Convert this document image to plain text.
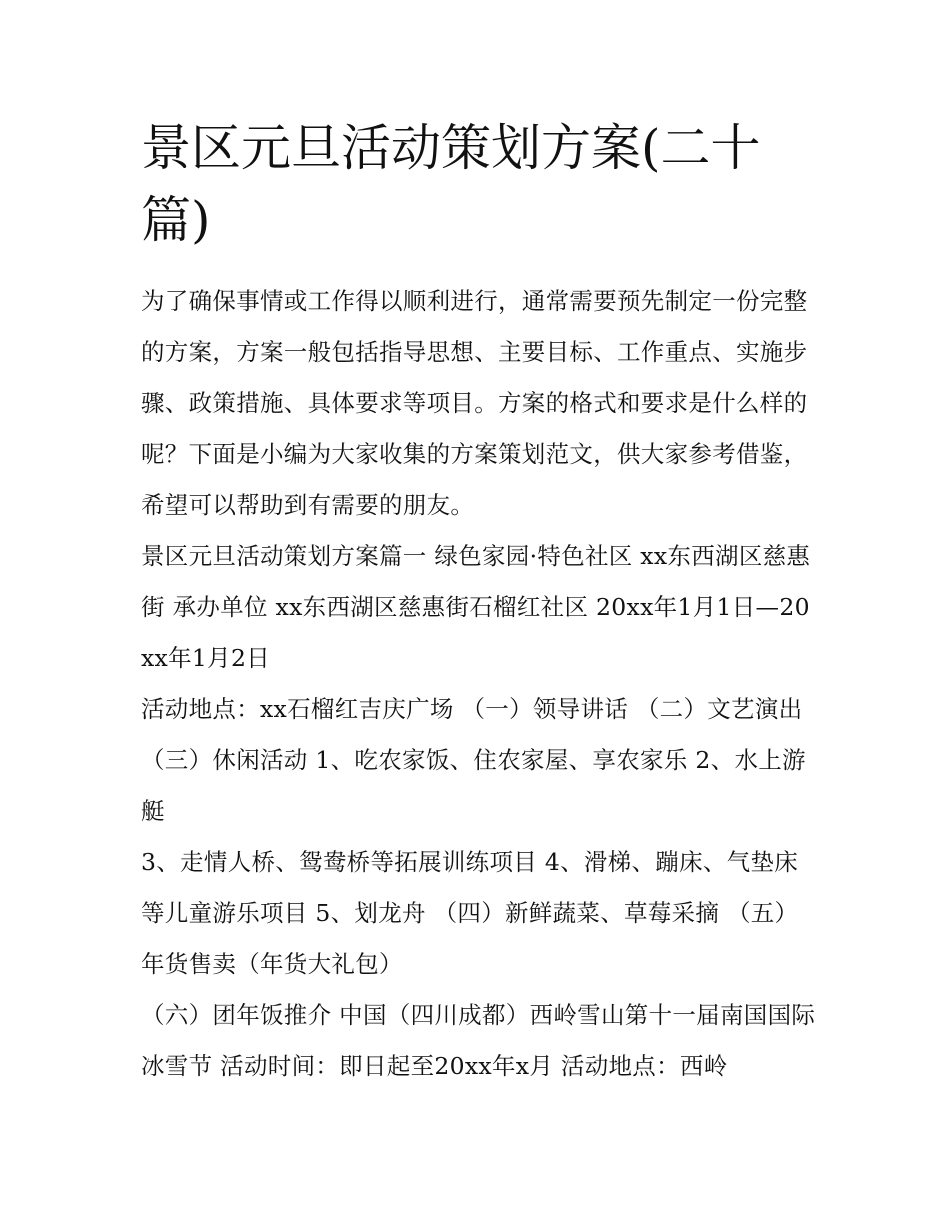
景区元旦活动策划方案(二十篇)

为了确保事情或工作得以顺利进行，通常需要预先制定一份完整的方案，方案一般包括指导思想、主要目标、工作重点、实施步骤、政策措施、具体要求等项目。方案的格式和要求是什么样的呢？下面是小编为大家收集的方案策划范文，供大家参考借鉴，希望可以帮助到有需要的朋友。

景区元旦活动策划方案篇一 绿色家园·特色社区 xx东西湖区慈惠街 承办单位 xx东西湖区慈惠街石榴红社区 20xx年1月1日—20xx年1月2日

活动地点：xx石榴红吉庆广场 （一）领导讲话 （二）文艺演出 （三）休闲活动 1、吃农家饭、住农家屋、享农家乐 2、水上游艇

3、走情人桥、鸳鸯桥等拓展训练项目 4、滑梯、蹦床、气垫床等儿童游乐项目 5、划龙舟 （四）新鲜蔬菜、草莓采摘 （五）年货售卖（年货大礼包）

（六）团年饭推介 中国（四川成都）西岭雪山第十一届南国国际冰雪节 活动时间：即日起至20xx年x月 活动地点：西岭
